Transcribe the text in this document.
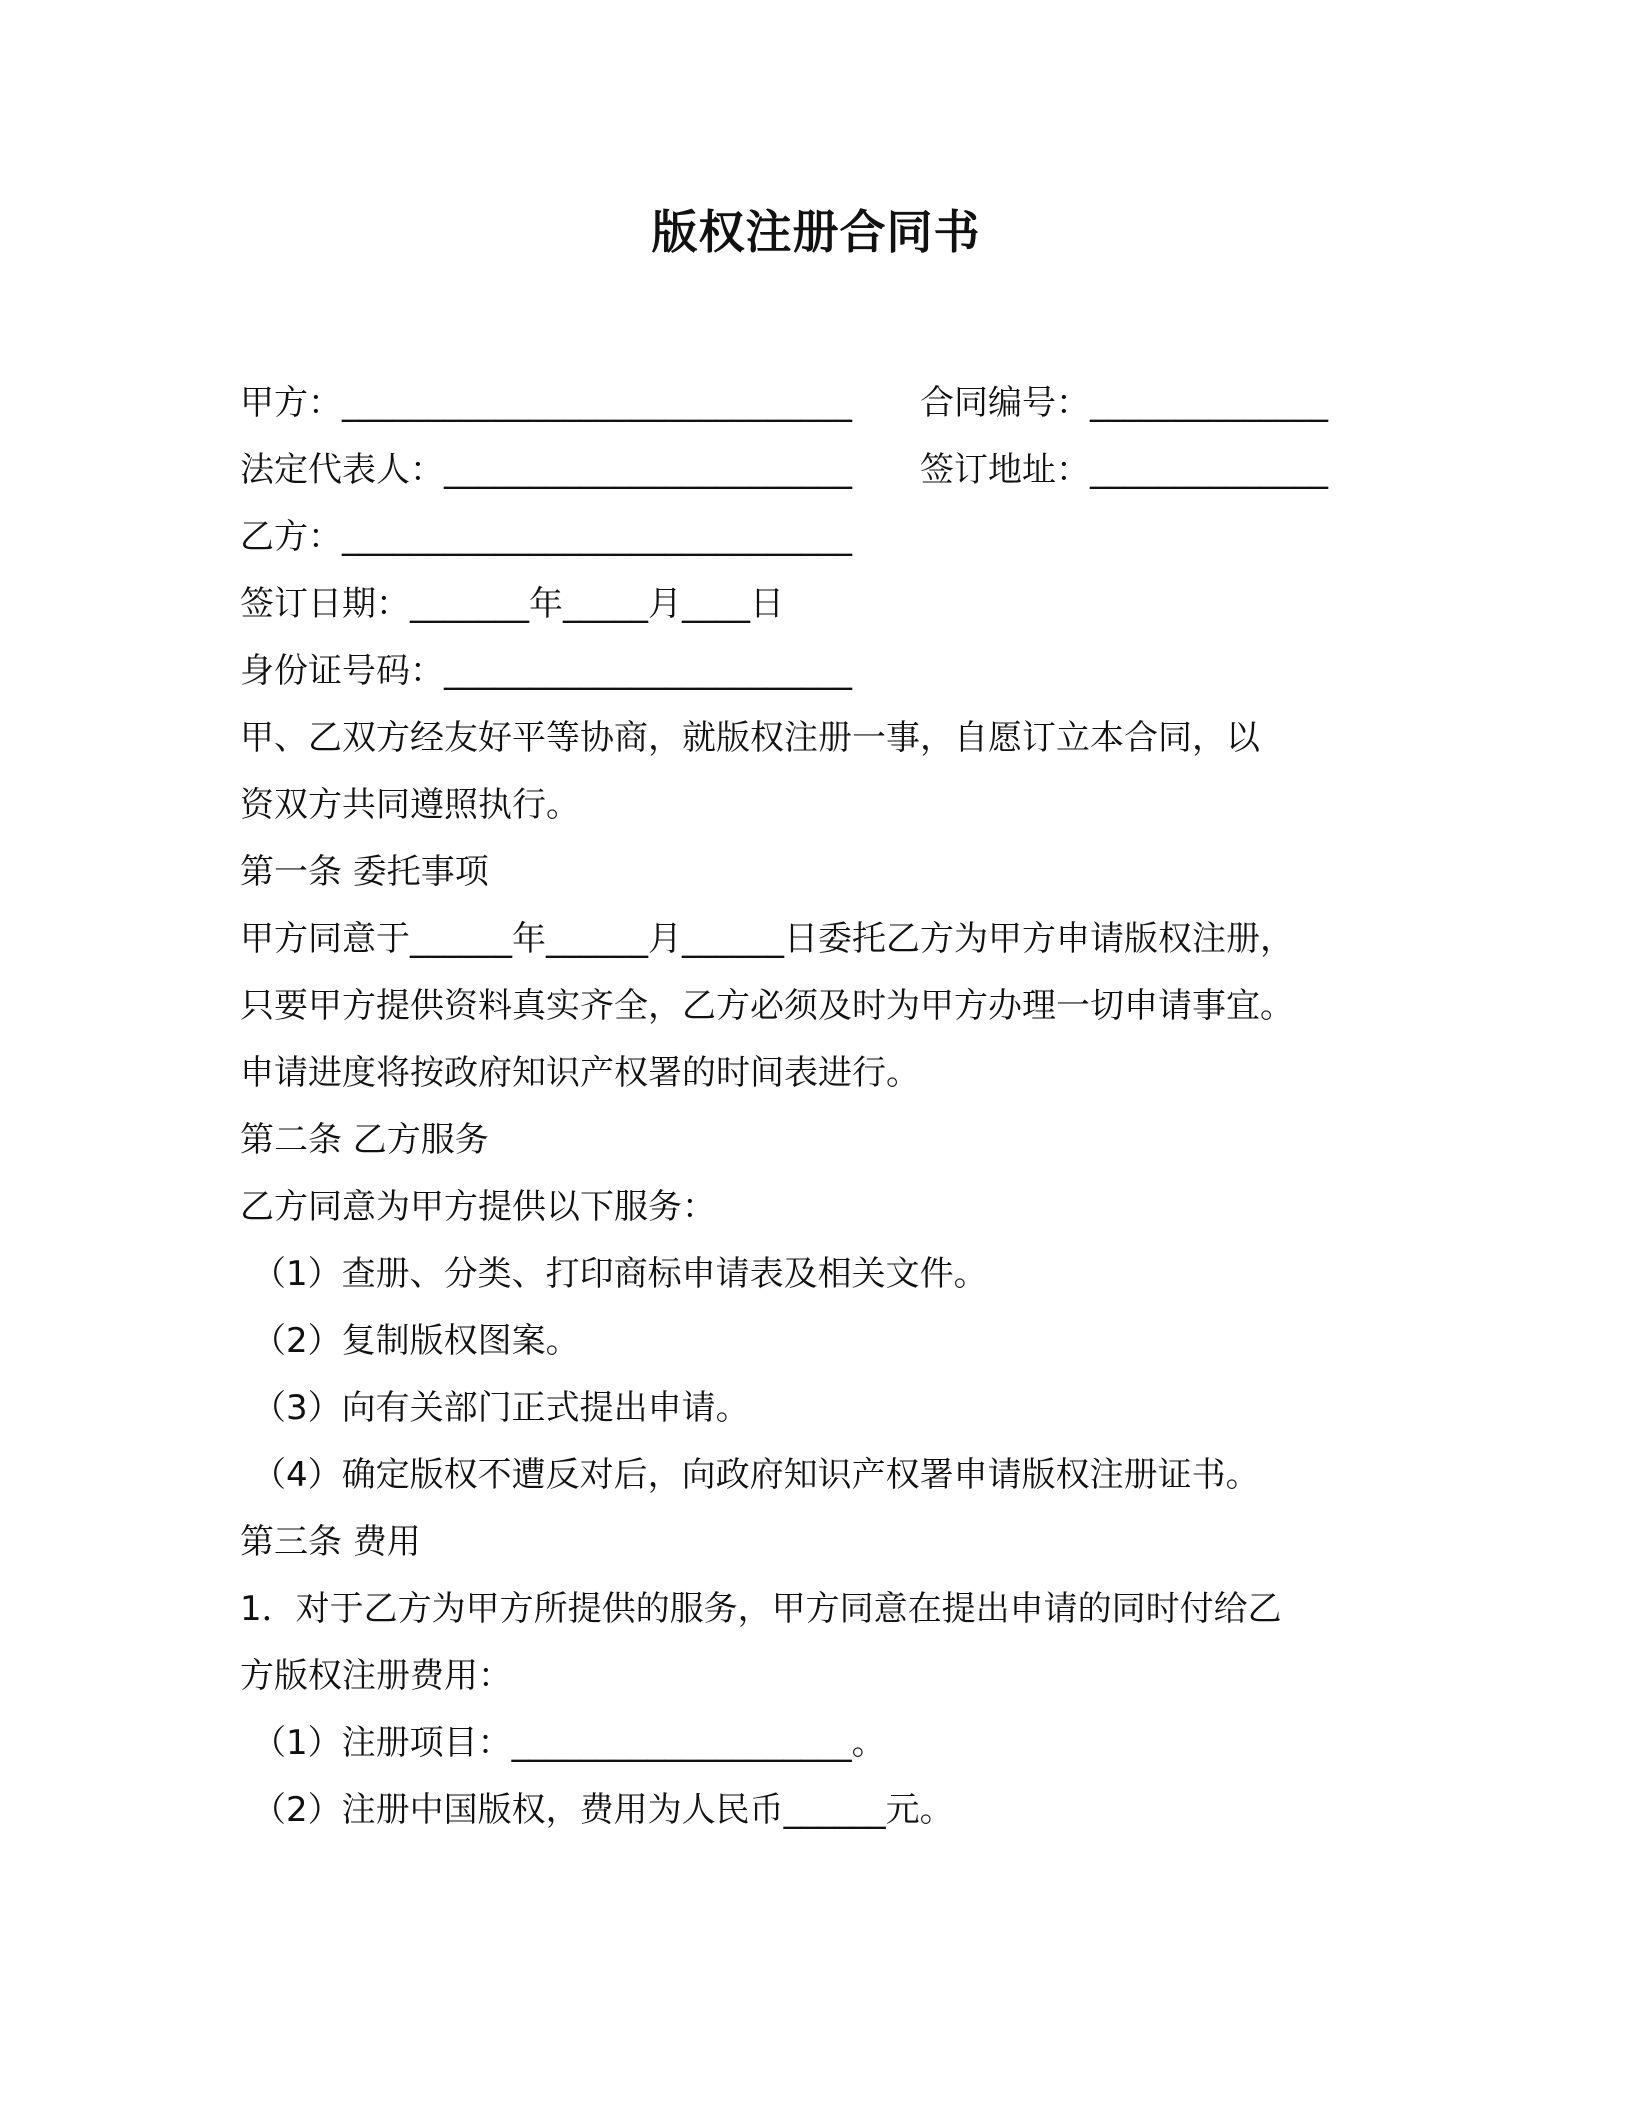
版权注册合同书
甲方：______________________________ 合同编号：______________
法定代表人：________________________ 签订地址：______________
乙方：______________________________
签订日期：_______年_____月____日
身份证号码：________________________
甲、乙双方经友好平等协商，就版权注册一事，自愿订立本合同，以
资双方共同遵照执行。
第一条 委托事项
甲方同意于______年______月______日委托乙方为甲方申请版权注册，
只要甲方提供资料真实齐全，乙方必须及时为甲方办理一切申请事宜。
申请进度将按政府知识产权署的时间表进行。
第二条 乙方服务
乙方同意为甲方提供以下服务：
（1）查册、分类、打印商标申请表及相关文件。
（2）复制版权图案。
（3）向有关部门正式提出申请。
（4）确定版权不遭反对后，向政府知识产权署申请版权注册证书。
第三条 费用
1．对于乙方为甲方所提供的服务，甲方同意在提出申请的同时付给乙
方版权注册费用：
（1）注册项目：____________________。
（2）注册中国版权，费用为人民币______元。
